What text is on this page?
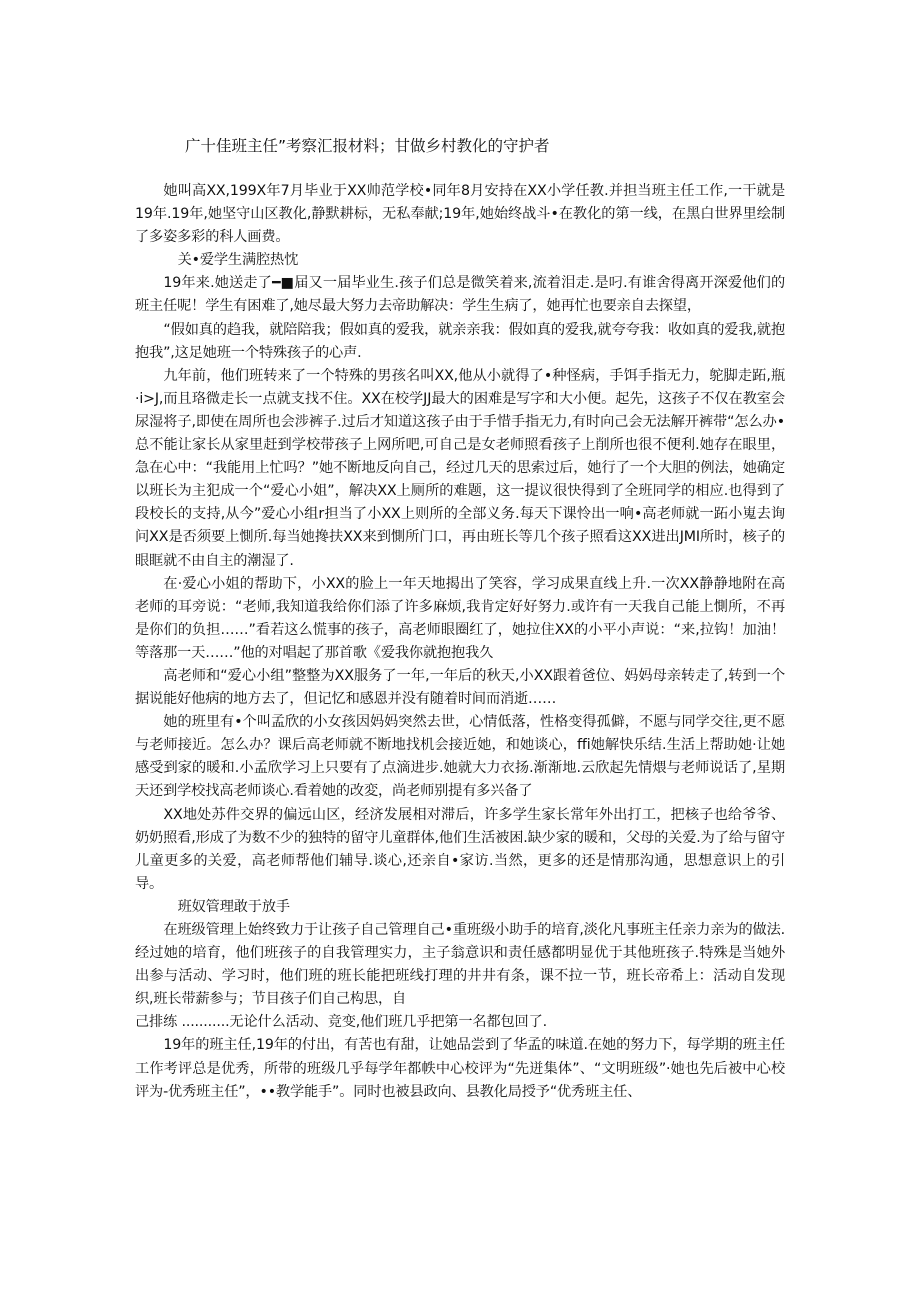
广十佳班主任”考察汇报材料；甘做乡村教化的守护者

她叫高XX,199X年7月毕业于XX帅范学校•同年8月安持在XX小学任教.并担当班主任工作,一干就是19年.19年,她坚守山区教化,静默耕标，无私奉献;19年,她始终战斗•在教化的第一线，在黑白世界里绘制了多姿多彩的科人画费。

关•爱学生满腔热忱

19年来.她送走了━■届又一届毕业生.孩子们总是微笑着来,流着泪走.是叼.有谁舍得离开深爱他们的班主任呢！学生有困难了,她尽最大努力去帝助解决：学生生病了，她再忙也要亲自去探望，

“假如真的趋我，就陪陪我；假如真的爱我，就亲亲我：假如真的爱我,就夸夸我：收如真的爱我,就抱抱我”,这足她班一个特殊孩子的心声.

九年前，他们班转来了一个特殊的男孩名叫XX,他从小就得了•种怪病，手饵手指无力，鸵脚走跖,瓶·i>J,而且珞微走长一点就支找不住。XX在校学JJ最大的困难是写字和大小便。起先，这孩子不仅在教室会尿湿将子,即使在周所也会涉裤子.过后才知道这孩子由于手惜手指无力,有时向己会无法解开裤带“怎么办•总不能让家长从家里赶到学校带孩子上网所吧,可自己是女老师照看孩子上削所也很不便利.她存在眼里，急在心中：“我能用上忙吗？”她不断地反向自己，经过几天的思索过后，她行了一个大胆的例法，她确定以班长为主犯成一个“爱心小姐”，解决XX上厕所的难题，这一提议很快得到了全班同学的相应.也得到了段校长的支持,从今”爱心小组r担当了小XX上则所的全部义务.每天下课怜出一响•高老师就一跖小嵬去询问XX是否须要上惻所.每当她搀扶XX来到惻所门口，再由班长等几个孩子照看这XX进出JMI所时，核子的眼眶就不由自主的潮湿了.

在·爱心小姐的帮助下，小XX的脸上一年天地揭出了笑容，学习成果直线上升.一次XX静静地附在高老师的耳旁说：“老师,我知道我给你们添了许多麻烦,我肯定好好努力.或许有一天我自己能上惻所，不再是你们的负担……”看若这么慌事的孩子，高老师眼圈红了，她拉住XX的小平小声说：“来,拉钩！加油！等落那一天……”他的对唱起了那首歌《爱我你就抱抱我久

高老师和“爱心小组”整整为XX服务了一年,一年后的秋天,小XX跟着爸位、妈妈母亲转走了,转到一个据说能好他病的地方去了，但记忆和感恩并没有随着时间而消逝……

她的班里有•个叫孟欣的小女孩因妈妈突然去世，心情低落，性格变得孤僻，不愿与同学交往,更不愿与老师接近。怎么办？课后高老师就不断地找机会接近她，和她谈心，ffi她解快乐结.生活上帮助她·让她感受到家的暖和.小孟欣学习上只要有了点滴进步.她就大力衣扬.渐渐地.云欣起先情煨与老师说话了,星期天还到学校找高老师谈心.看着她的改変，尚老师别提有多兴备了

XX地处苏件交界的偏远山区，经济发展相对滞后，许多学生家长常年外出打工，把核子也给爷爷、奶奶照看,形成了为数不少的独特的留守儿童群体,他们生活被困.缺少家的暖和，父母的关爱.为了给与留守儿童更多的关爱，高老师帮他们辅导.谈心,还亲自•家访.当然，更多的还是情那沟通，思想意识上的引导。

班奴管理敢于放手

在班级管理上始终致力于让孩子自己管理自己•重班级小助手的培育,淡化凡事班主任亲力亲为的做法.经过她的培育，他们班孩子的自我管理实力，主子翁意识和责任感都明显优于其他班孩子.特殊是当她外出参与活动、学习时，他们班的班长能把班线打理的井井有条，课不拉一节，班长帝希上：活动自发现织,班长带薪参与；节目孩子们自己构思，自

己排练 ...........无论什么活动、竞变,他们班几乎把第一名都包回了.

19年的班主任,19年的付出，有苦也有甜，让她品尝到了华孟的味道.在她的努力下，每学期的班主任工作考评总是优秀，所带的班级几乎每学年都帙中心校评为“先迸集体”、“文明班级”·她也先后被中心校评为-优秀班主任”，••教学能手”。同时也被县政向、县教化局授予“优秀班主任、
